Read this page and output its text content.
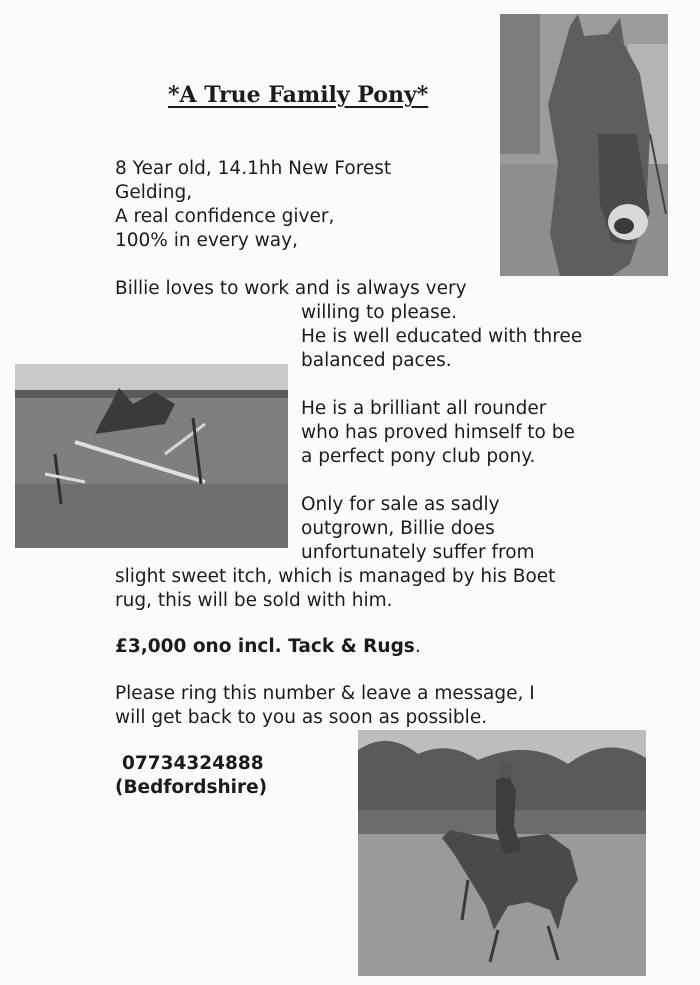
*A True Family Pony*

8 Year old, 14.1hh New Forest

Gelding,

A real confidence giver,

100% in every way,

Billie loves to work and is always very

willing to please.

He is well educated with three

balanced paces.

He is a brilliant all rounder

who has proved himself to be

a perfect pony club pony.

Only for sale as sadly

outgrown, Billie does

unfortunately suffer from

slight sweet itch, which is managed by his Boet

rug, this will be sold with him.

£3,000 ono incl. Tack & Rugs.

Please ring this number & leave a message, I

will get back to you as soon as possible.

07734324888

(Bedfordshire)
